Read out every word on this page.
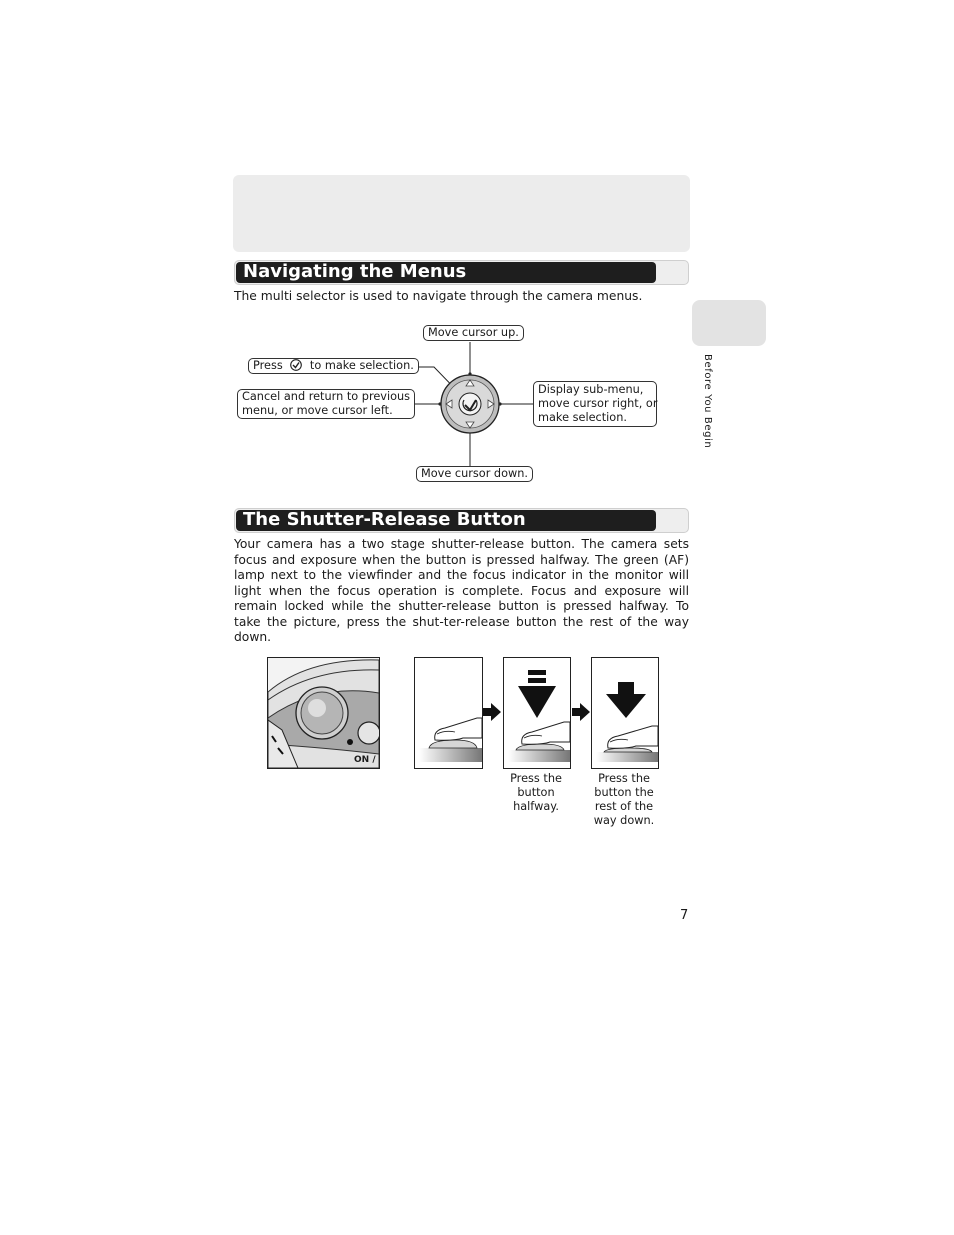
Navigating the Menus
The multi selector is used to navigate through the camera menus.
Move cursor up.
Press to make selection.
Cancel and return to previous
menu, or move cursor left.
Display sub-menu,
move cursor right, or
make selection.
Move cursor down.
The Shutter-Release Button
Your camera has a two stage shutter-release button. The camera sets focus and exposure when the button is pressed halfway. The green (AF) lamp next to the viewfinder and the focus indicator in the monitor will light when the focus operation is complete. Focus and exposure will remain locked while the shutter-release button is pressed halfway. To take the picture, press the shut-ter-release button the rest of the way down.
ON /
Press the
button
halfway.
Press the
button the
rest of the
way down.
Before You Begin
7
